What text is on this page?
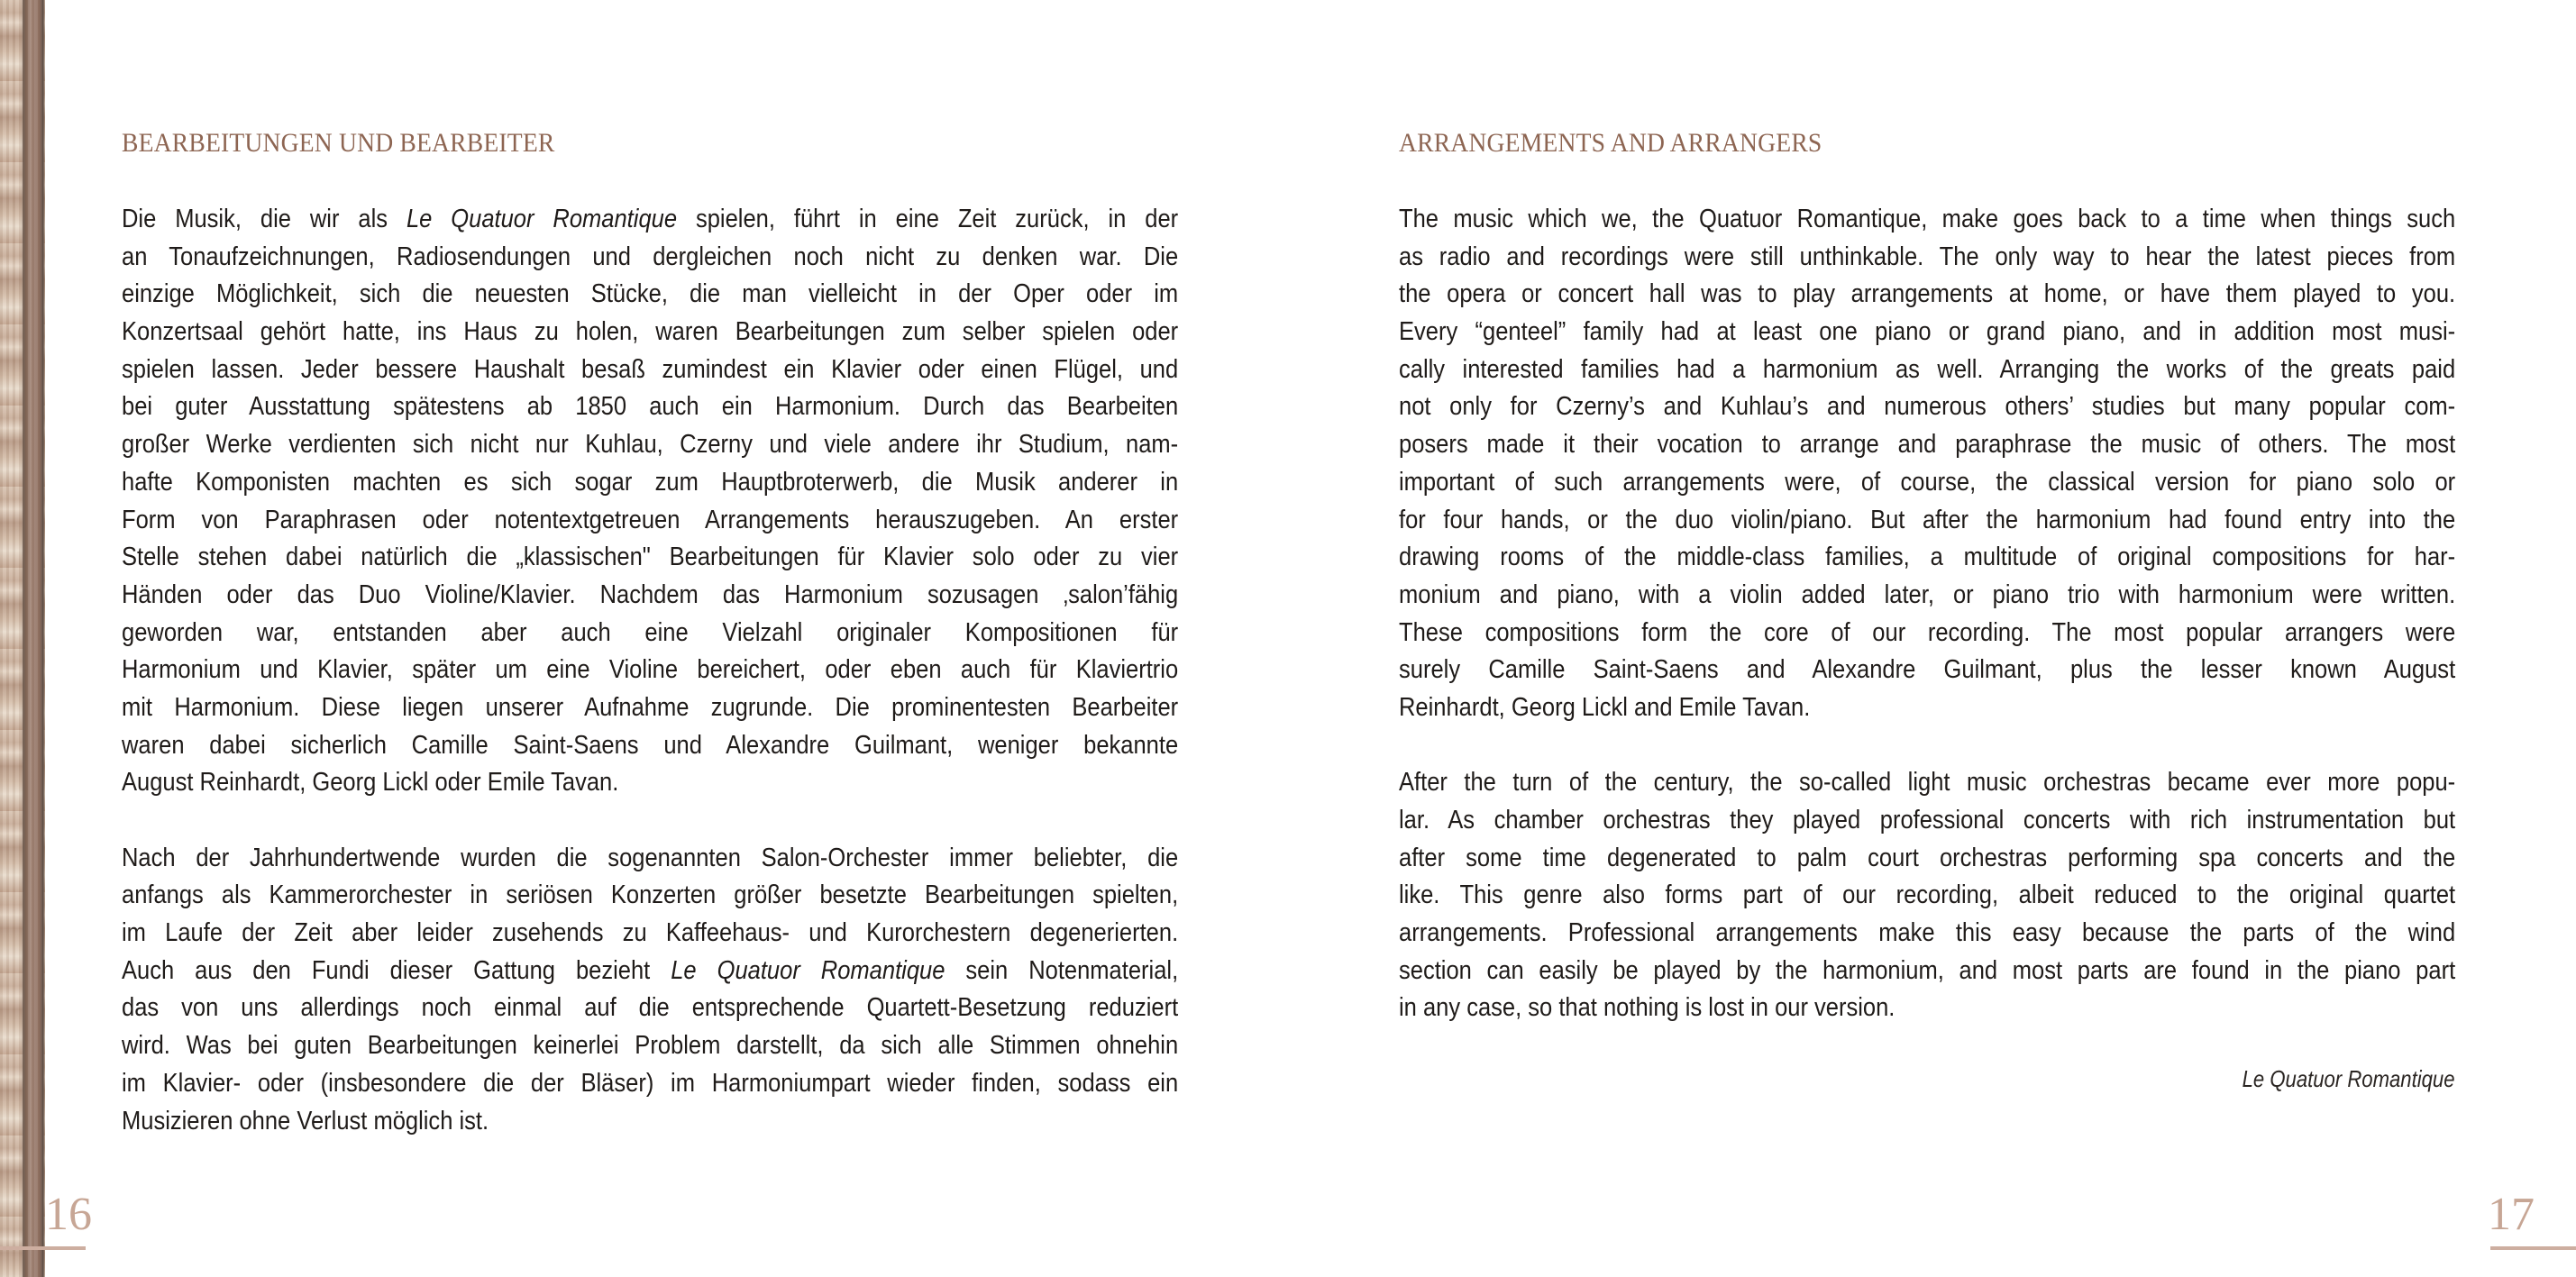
BEARBEITUNGEN UND BEARBEITER
Die Musik, die wir als Le Quatuor Romantique spielen, führt in eine Zeit zurück, in der
an Tonaufzeichnungen, Radiosendungen und dergleichen noch nicht zu denken war. Die
einzige Möglichkeit, sich die neuesten Stücke, die man vielleicht in der Oper oder im
Konzertsaal gehört hatte, ins Haus zu holen, waren Bearbeitungen zum selber spielen oder
spielen lassen. Jeder bessere Haushalt besaß zumindest ein Klavier oder einen Flügel, und
bei guter Ausstattung spätestens ab 1850 auch ein Harmonium. Durch das Bearbeiten
großer Werke verdienten sich nicht nur Kuhlau, Czerny und viele andere ihr Studium, nam-
hafte Komponisten machten es sich sogar zum Hauptbroterwerb, die Musik anderer in
Form von Paraphrasen oder notentextgetreuen Arrangements herauszugeben. An erster
Stelle stehen dabei natürlich die „klassischen" Bearbeitungen für Klavier solo oder zu vier
Händen oder das Duo Violine/Klavier. Nachdem das Harmonium sozusagen ‚salon’fähig
geworden war, entstanden aber auch eine Vielzahl originaler Kompositionen für
Harmonium und Klavier, später um eine Violine bereichert, oder eben auch für Klaviertrio
mit Harmonium. Diese liegen unserer Aufnahme zugrunde. Die prominentesten Bearbeiter
waren dabei sicherlich Camille Saint-Saens und Alexandre Guilmant, weniger bekannte
August Reinhardt, Georg Lickl oder Emile Tavan.
Nach der Jahrhundertwende wurden die sogenannten Salon-Orchester immer beliebter, die
anfangs als Kammerorchester in seriösen Konzerten größer besetzte Bearbeitungen spielten,
im Laufe der Zeit aber leider zusehends zu Kaffeehaus- und Kurorchestern degenerierten.
Auch aus den Fundi dieser Gattung bezieht Le Quatuor Romantique sein Notenmaterial,
das von uns allerdings noch einmal auf die entsprechende Quartett-Besetzung reduziert
wird. Was bei guten Bearbeitungen keinerlei Problem darstellt, da sich alle Stimmen ohnehin
im Klavier- oder (insbesondere die der Bläser) im Harmoniumpart wieder finden, sodass ein
Musizieren ohne Verlust möglich ist.
ARRANGEMENTS AND ARRANGERS
The music which we, the Quatuor Romantique, make goes back to a time when things such
as radio and recordings were still unthinkable. The only way to hear the latest pieces from
the opera or concert hall was to play arrangements at home, or have them played to you.
Every “genteel” family had at least one piano or grand piano, and in addition most musi-
cally interested families had a harmonium as well. Arranging the works of the greats paid
not only for Czerny’s and Kuhlau’s and numerous others’ studies but many popular com-
posers made it their vocation to arrange and paraphrase the music of others. The most
important of such arrangements were, of course, the classical version for piano solo or
for four hands, or the duo violin/piano. But after the harmonium had found entry into the
drawing rooms of the middle-class families, a multitude of original compositions for har-
monium and piano, with a violin added later, or piano trio with harmonium were written.
These compositions form the core of our recording. The most popular arrangers were
surely Camille Saint-Saens and Alexandre Guilmant, plus the lesser known August
Reinhardt, Georg Lickl and Emile Tavan.
After the turn of the century, the so-called light music orchestras became ever more popu-
lar. As chamber orchestras they played professional concerts with rich instrumentation but
after some time degenerated to palm court orchestras performing spa concerts and the
like. This genre also forms part of our recording, albeit reduced to the original quartet
arrangements. Professional arrangements make this easy because the parts of the wind
section can easily be played by the harmonium, and most parts are found in the piano part
in any case, so that nothing is lost in our version.
Le Quatuor Romantique
16	17
